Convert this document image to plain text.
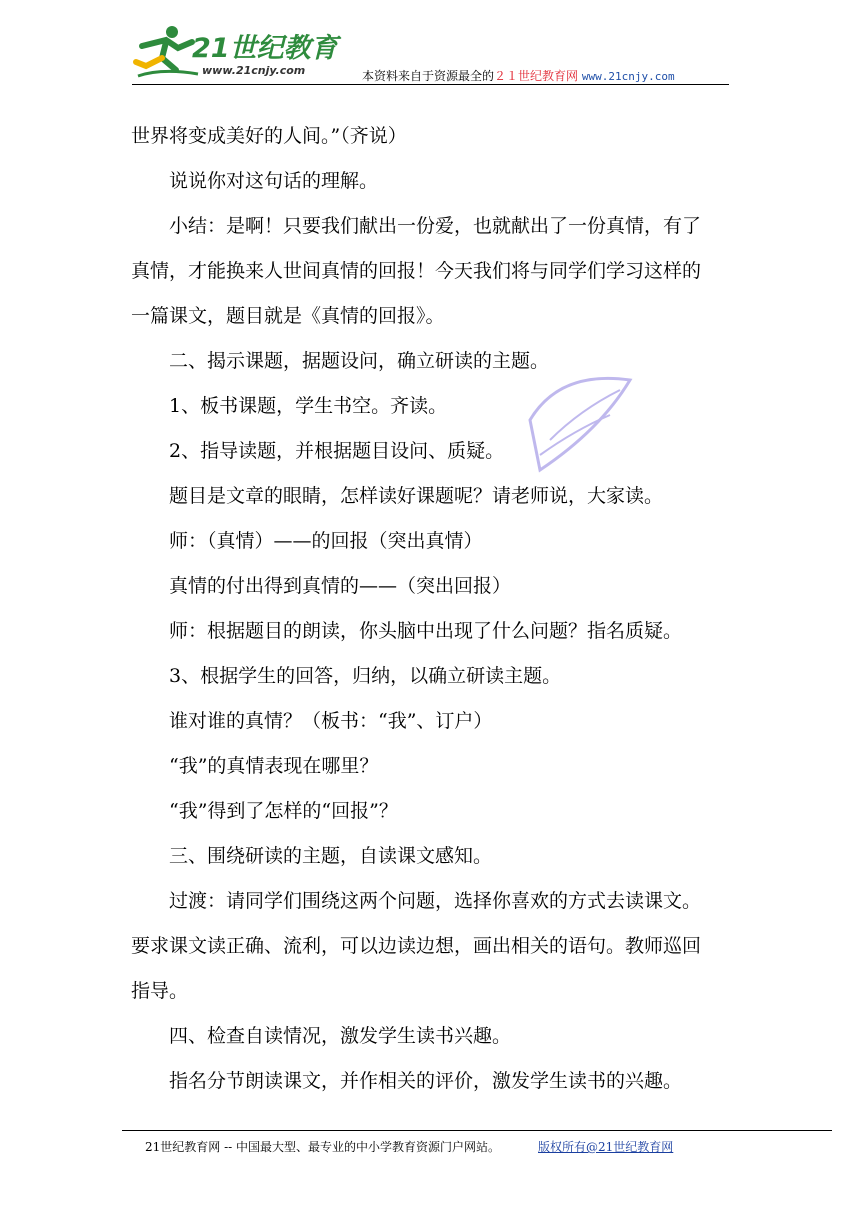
21世纪教育
www.21cnjy.com	本资料来自于资源最全的２１世纪教育网 www.21cnjy.com

世界将变成美好的人间。”（齐说）

说说你对这句话的理解。

小结：是啊！只要我们献出一份爱，也就献出了一份真情，有了

真情，才能换来人世间真情的回报！今天我们将与同学们学习这样的

一篇课文，题目就是《真情的回报》。

二、揭示课题，据题设问，确立研读的主题。

1、板书课题，学生书空。齐读。

2、指导读题，并根据题目设问、质疑。

题目是文章的眼睛，怎样读好课题呢？请老师说，大家读。

师：（真情）——的回报（突出真情）

真情的付出得到真情的——（突出回报）

师：根据题目的朗读，你头脑中出现了什么问题？指名质疑。

3、根据学生的回答，归纳，以确立研读主题。

谁对谁的真情？（板书：“我”、订户）

“我”的真情表现在哪里？

“我”得到了怎样的“回报”？

三、围绕研读的主题，自读课文感知。

过渡：请同学们围绕这两个问题，选择你喜欢的方式去读课文。

要求课文读正确、流利，可以边读边想，画出相关的语句。教师巡回

指导。

四、检查自读情况，激发学生读书兴趣。

指名分节朗读课文，并作相关的评价，激发学生读书的兴趣。

21世纪教育网 -- 中国最大型、最专业的中小学教育资源门户网站。	版权所有@21世纪教育网
